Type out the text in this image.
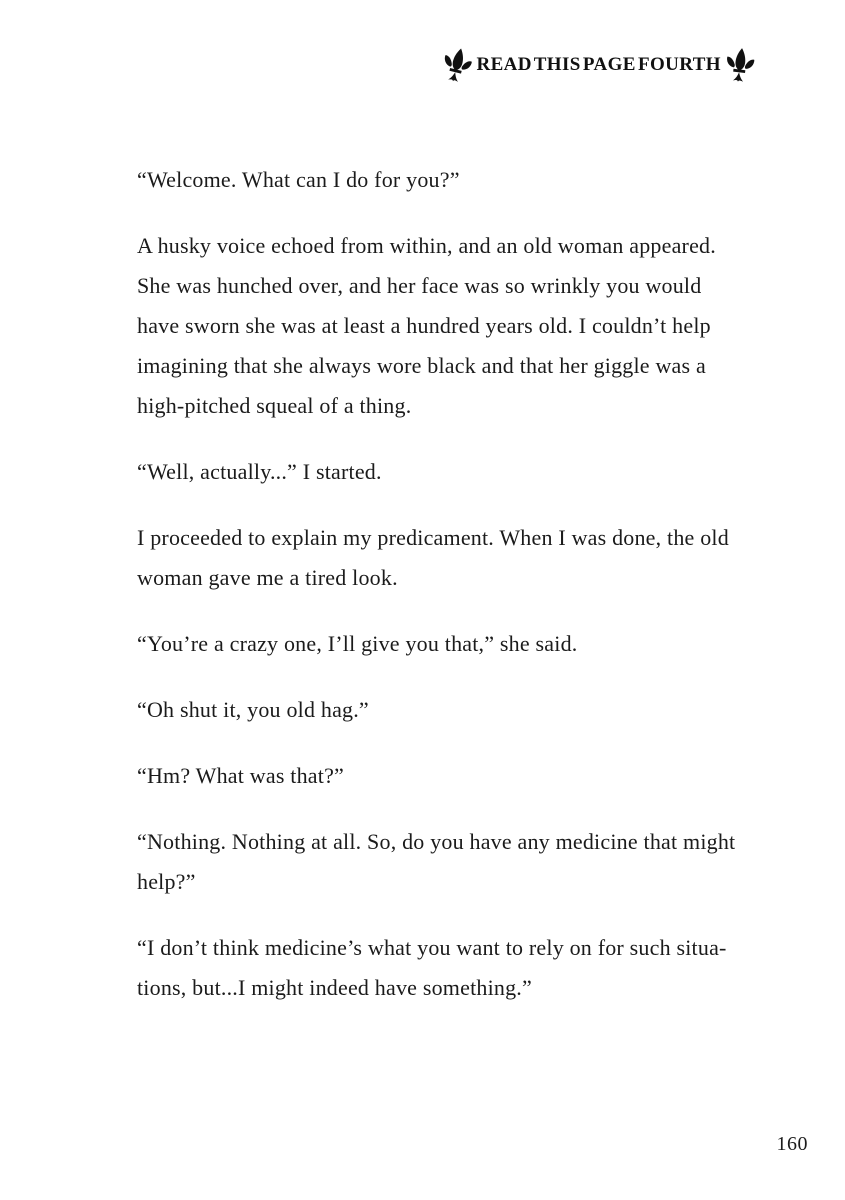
READ THIS PAGE FOURTH
“Welcome. What can I do for you?”
A husky voice echoed from within, and an old woman appeared.
She was hunched over, and her face was so wrinkly you would
have sworn she was at least a hundred years old. I couldn’t help
imagining that she always wore black and that her giggle was a
high-pitched squeal of a thing.
“Well, actually...” I started.
I proceeded to explain my predicament. When I was done, the old
woman gave me a tired look.
“You’re a crazy one, I’ll give you that,” she said.
“Oh shut it, you old hag.”
“Hm? What was that?”
“Nothing. Nothing at all. So, do you have any medicine that might
help?”
“I don’t think medicine’s what you want to rely on for such situa-
tions, but...I might indeed have something.”
160
